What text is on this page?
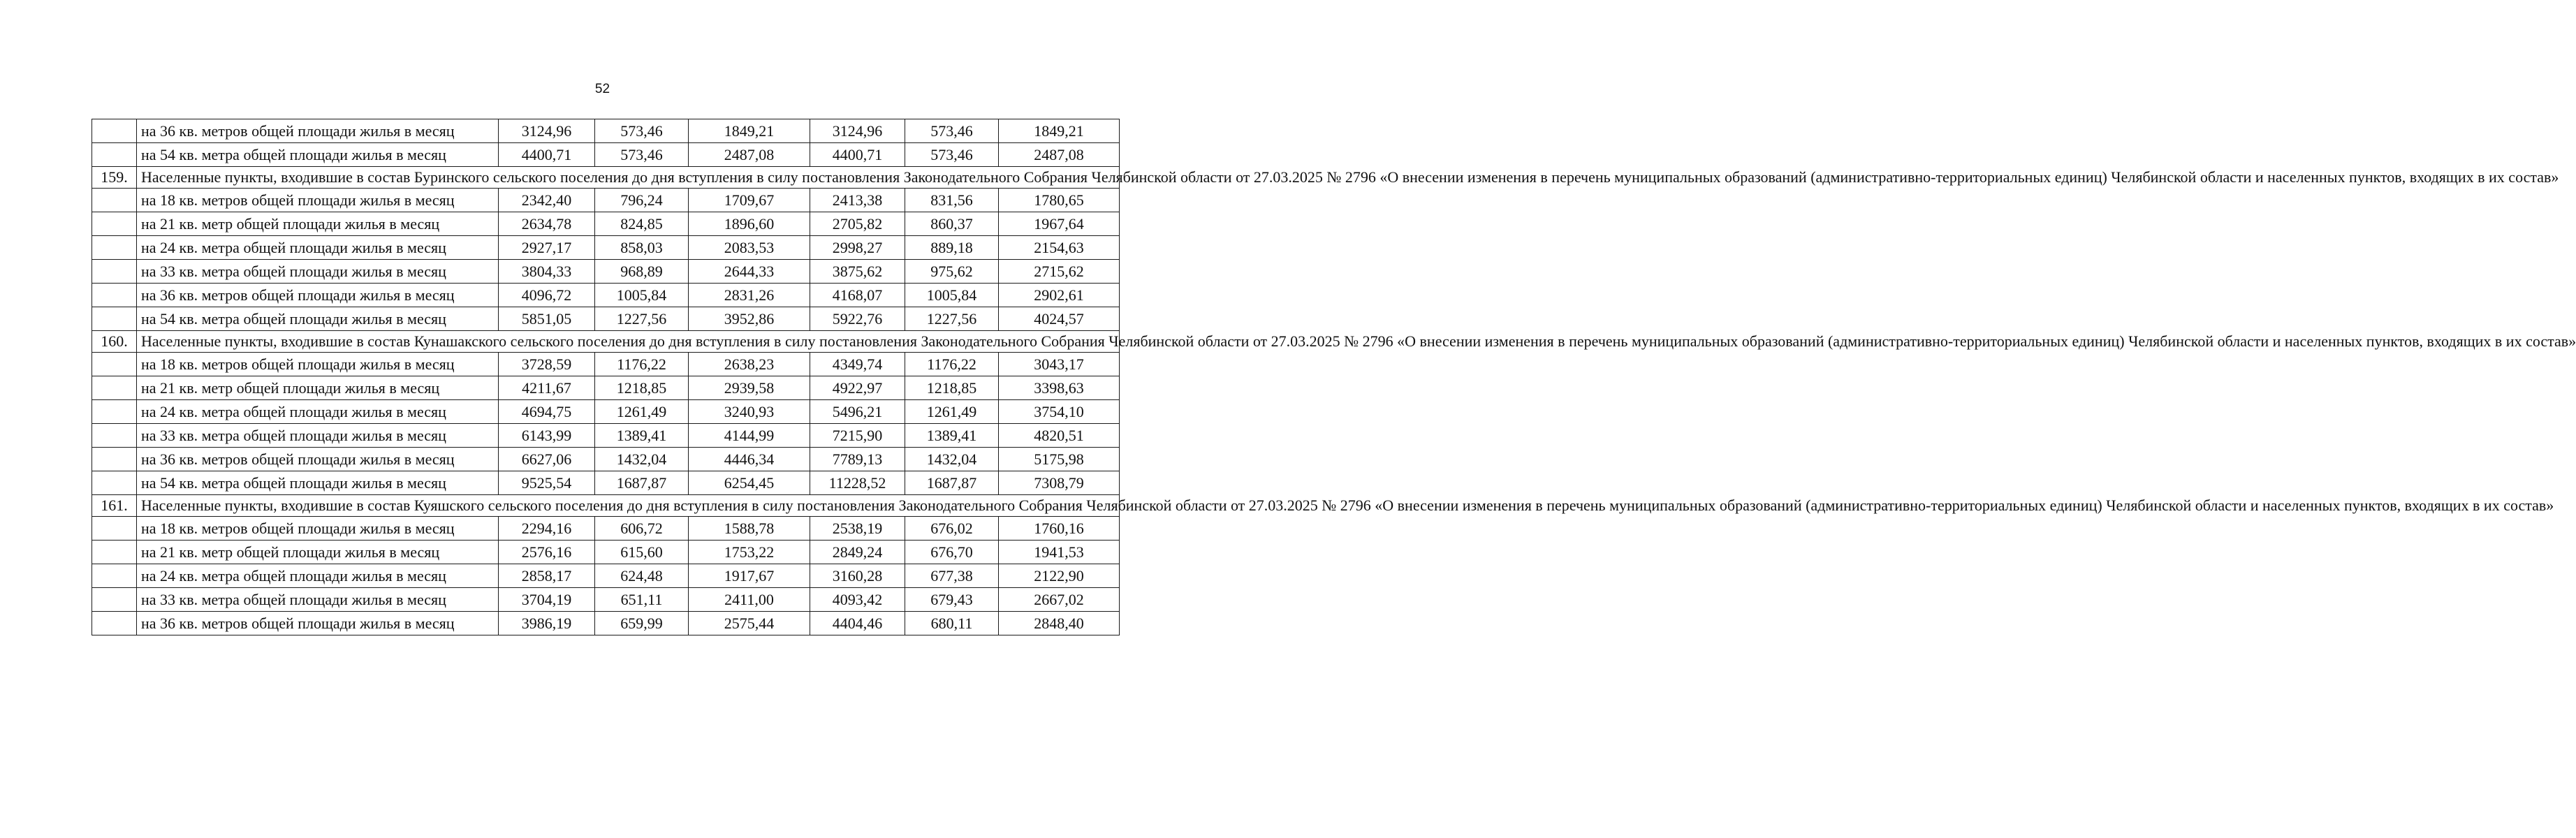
52
	на 36 кв. метров общей площади жилья в месяц	3124,96	573,46	1849,21	3124,96	573,46	1849,21
	на 54 кв. метра общей площади жилья в месяц	4400,71	573,46	2487,08	4400,71	573,46	2487,08
159.	Населенные пункты, входившие в состав Буринского сельского поселения до дня вступления в силу постановления Законодательного Собрания Челябинской области от 27.03.2025 № 2796 «О внесении изменения в перечень муниципальных образований (административно-территориальных единиц) Челябинской области и населенных пунктов, входящих в их состав»						
	на 18 кв. метров общей площади жилья в месяц	2342,40	796,24	1709,67	2413,38	831,56	1780,65
	на 21 кв. метр общей площади жилья в месяц	2634,78	824,85	1896,60	2705,82	860,37	1967,64
	на 24 кв. метра общей площади жилья в месяц	2927,17	858,03	2083,53	2998,27	889,18	2154,63
	на 33 кв. метра общей площади жилья в месяц	3804,33	968,89	2644,33	3875,62	975,62	2715,62
	на 36 кв. метров общей площади жилья в месяц	4096,72	1005,84	2831,26	4168,07	1005,84	2902,61
	на 54 кв. метра общей площади жилья в месяц	5851,05	1227,56	3952,86	5922,76	1227,56	4024,57
160.	Населенные пункты, входившие в состав Кунашакского сельского поселения до дня вступления в силу постановления Законодательного Собрания Челябинской области от 27.03.2025 № 2796 «О внесении изменения в перечень муниципальных образований (административно-территориальных единиц) Челябинской области и населенных пунктов, входящих в их состав»						
	на 18 кв. метров общей площади жилья в месяц	3728,59	1176,22	2638,23	4349,74	1176,22	3043,17
	на 21 кв. метр общей площади жилья в месяц	4211,67	1218,85	2939,58	4922,97	1218,85	3398,63
	на 24 кв. метра общей площади жилья в месяц	4694,75	1261,49	3240,93	5496,21	1261,49	3754,10
	на 33 кв. метра общей площади жилья в месяц	6143,99	1389,41	4144,99	7215,90	1389,41	4820,51
	на 36 кв. метров общей площади жилья в месяц	6627,06	1432,04	4446,34	7789,13	1432,04	5175,98
	на 54 кв. метра общей площади жилья в месяц	9525,54	1687,87	6254,45	11228,52	1687,87	7308,79
161.	Населенные пункты, входившие в состав Куяшского сельского поселения до дня вступления в силу постановления Законодательного Собрания Челябинской области от 27.03.2025 № 2796 «О внесении изменения в перечень муниципальных образований (административно-территориальных единиц) Челябинской области и населенных пунктов, входящих в их состав»						
	на 18 кв. метров общей площади жилья в месяц	2294,16	606,72	1588,78	2538,19	676,02	1760,16
	на 21 кв. метр общей площади жилья в месяц	2576,16	615,60	1753,22	2849,24	676,70	1941,53
	на 24 кв. метра общей площади жилья в месяц	2858,17	624,48	1917,67	3160,28	677,38	2122,90
	на 33 кв. метра общей площади жилья в месяц	3704,19	651,11	2411,00	4093,42	679,43	2667,02
	на 36 кв. метров общей площади жилья в месяц	3986,19	659,99	2575,44	4404,46	680,11	2848,40
